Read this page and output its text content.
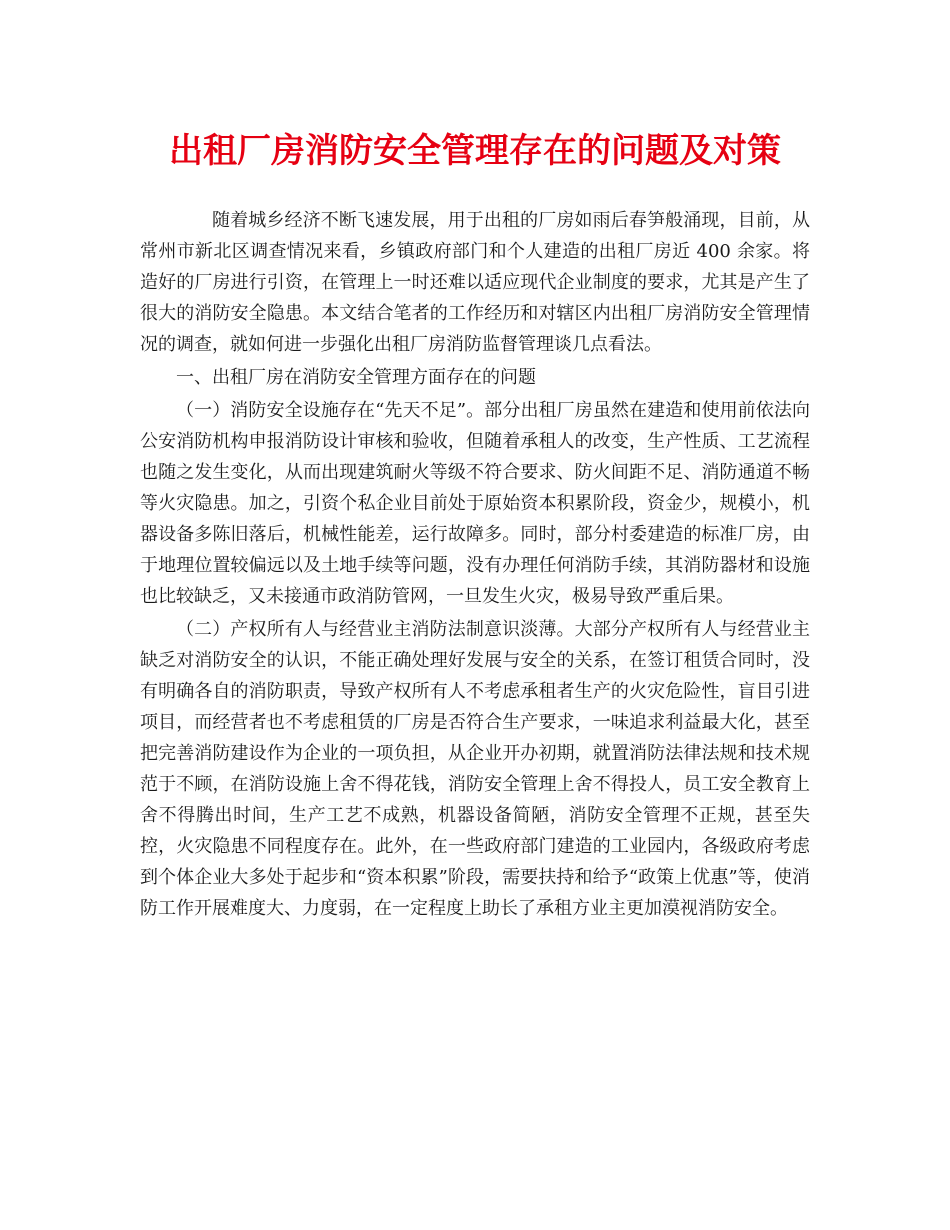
出租厂房消防安全管理存在的问题及对策

随着城乡经济不断飞速发展，用于出租的厂房如雨后春笋般涌现，目前，从常州市新北区调查情况来看，乡镇政府部门和个人建造的出租厂房近 400 余家。将造好的厂房进行引资，在管理上一时还难以适应现代企业制度的要求，尤其是产生了很大的消防安全隐患。本文结合笔者的工作经历和对辖区内出租厂房消防安全管理情况的调查，就如何进一步强化出租厂房消防监督管理谈几点看法。

一、出租厂房在消防安全管理方面存在的问题

（一）消防安全设施存在“先天不足”。部分出租厂房虽然在建造和使用前依法向公安消防机构申报消防设计审核和验收，但随着承租人的改变，生产性质、工艺流程也随之发生变化，从而出现建筑耐火等级不符合要求、防火间距不足、消防通道不畅等火灾隐患。加之，引资个私企业目前处于原始资本积累阶段，资金少，规模小，机器设备多陈旧落后，机械性能差，运行故障多。同时，部分村委建造的标准厂房，由于地理位置较偏远以及土地手续等问题，没有办理任何消防手续，其消防器材和设施也比较缺乏，又未接通市政消防管网，一旦发生火灾，极易导致严重后果。

（二）产权所有人与经营业主消防法制意识淡薄。大部分产权所有人与经营业主缺乏对消防安全的认识，不能正确处理好发展与安全的关系，在签订租赁合同时，没有明确各自的消防职责，导致产权所有人不考虑承租者生产的火灾危险性，盲目引进项目，而经营者也不考虑租赁的厂房是否符合生产要求，一味追求利益最大化，甚至把完善消防建设作为企业的一项负担，从企业开办初期，就置消防法律法规和技术规范于不顾，在消防设施上舍不得花钱，消防安全管理上舍不得投人，员工安全教育上舍不得腾出时间，生产工艺不成熟，机器设备简陋，消防安全管理不正规，甚至失控，火灾隐患不同程度存在。此外，在一些政府部门建造的工业园内，各级政府考虑到个体企业大多处于起步和“资本积累”阶段，需要扶持和给予“政策上优惠”等，使消防工作开展难度大、力度弱，在一定程度上助长了承租方业主更加漠视消防安全。
